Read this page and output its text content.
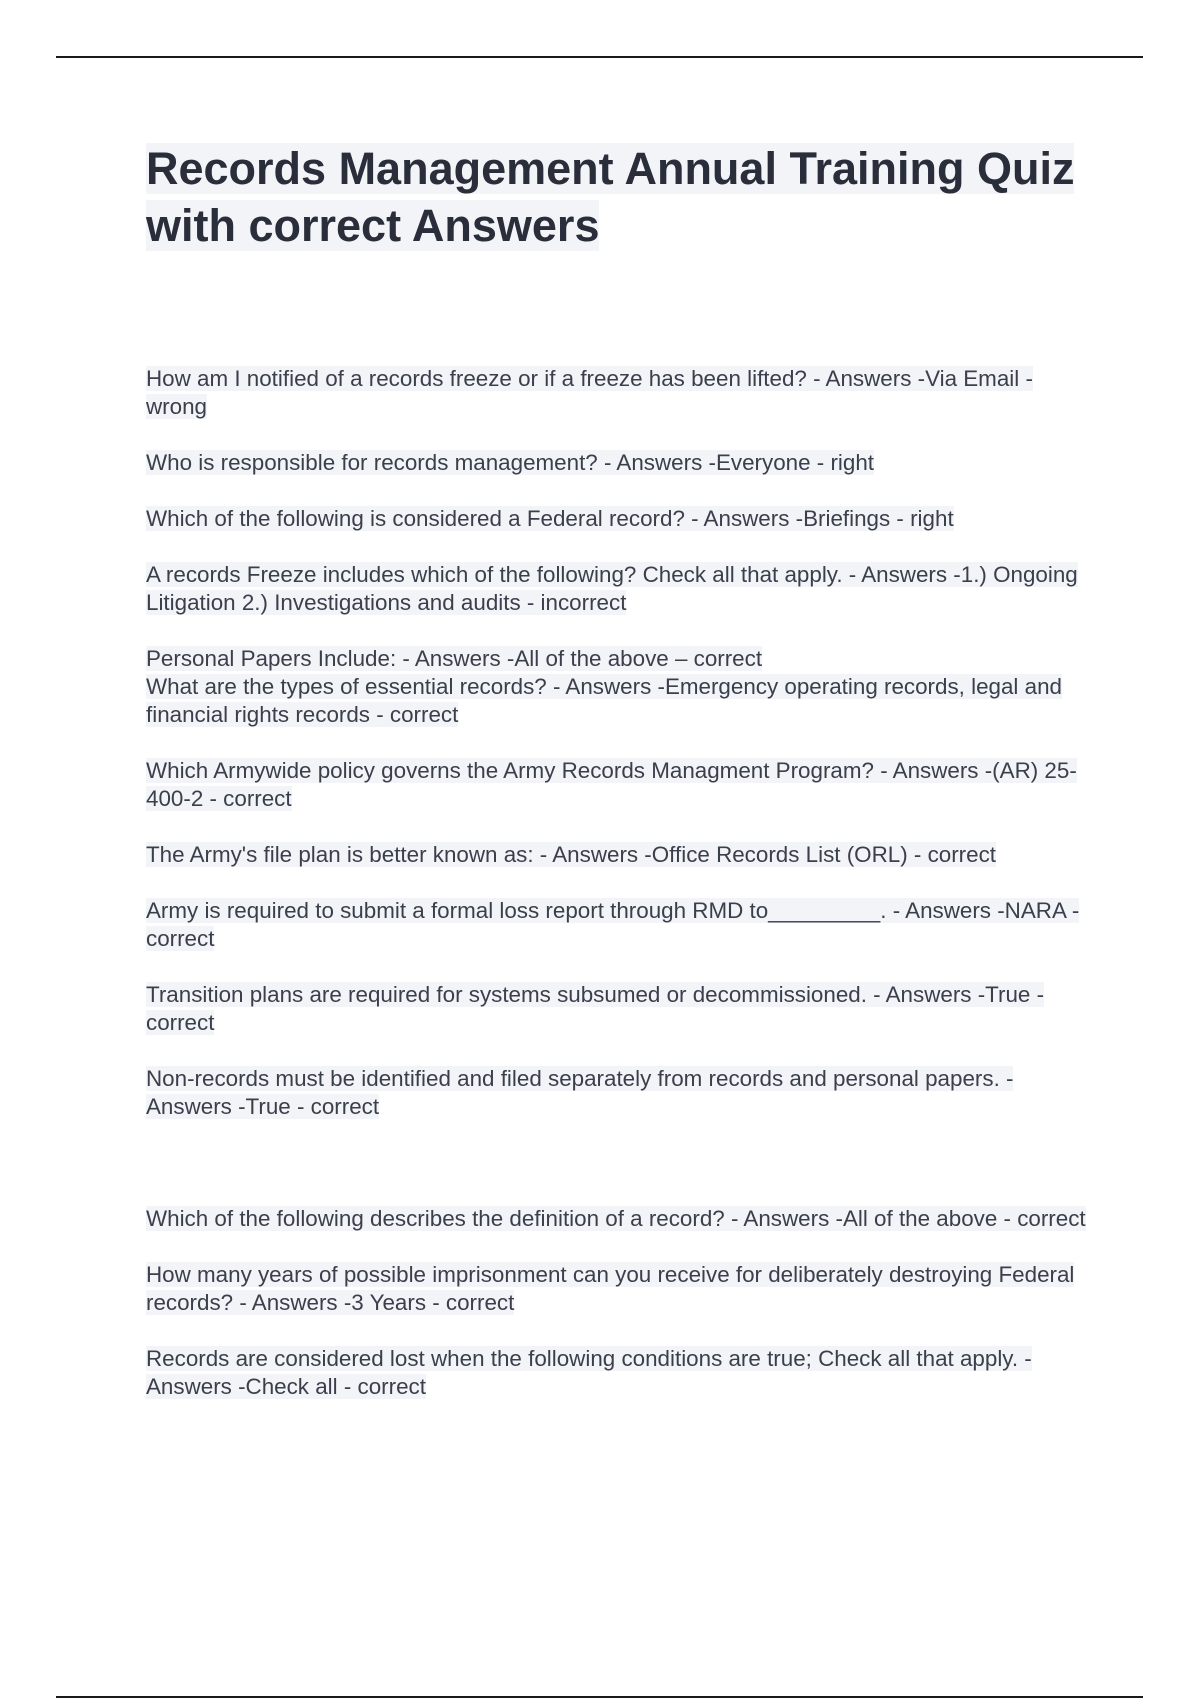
Records Management Annual Training Quiz with correct Answers

How am I notified of a records freeze or if a freeze has been lifted? - Answers -Via Email - wrong

Who is responsible for records management? - Answers -Everyone - right

Which of the following is considered a Federal record? - Answers -Briefings - right

A records Freeze includes which of the following? Check all that apply. - Answers -1.) Ongoing Litigation 2.) Investigations and audits - incorrect

Personal Papers Include: - Answers -All of the above – correct

What are the types of essential records? - Answers -Emergency operating records, legal and financial rights records - correct

Which Armywide policy governs the Army Records Managment Program? - Answers -(AR) 25-400-2 - correct

The Army's file plan is better known as: - Answers -Office Records List (ORL) - correct

Army is required to submit a formal loss report through RMD to_________. - Answers -NARA - correct

Transition plans are required for systems subsumed or decommissioned. - Answers -True - correct

Non-records must be identified and filed separately from records and personal papers. - Answers -True - correct

Which of the following describes the definition of a record? - Answers -All of the above - correct

How many years of possible imprisonment can you receive for deliberately destroying Federal records? - Answers -3 Years - correct

Records are considered lost when the following conditions are true; Check all that apply. - Answers -Check all - correct
